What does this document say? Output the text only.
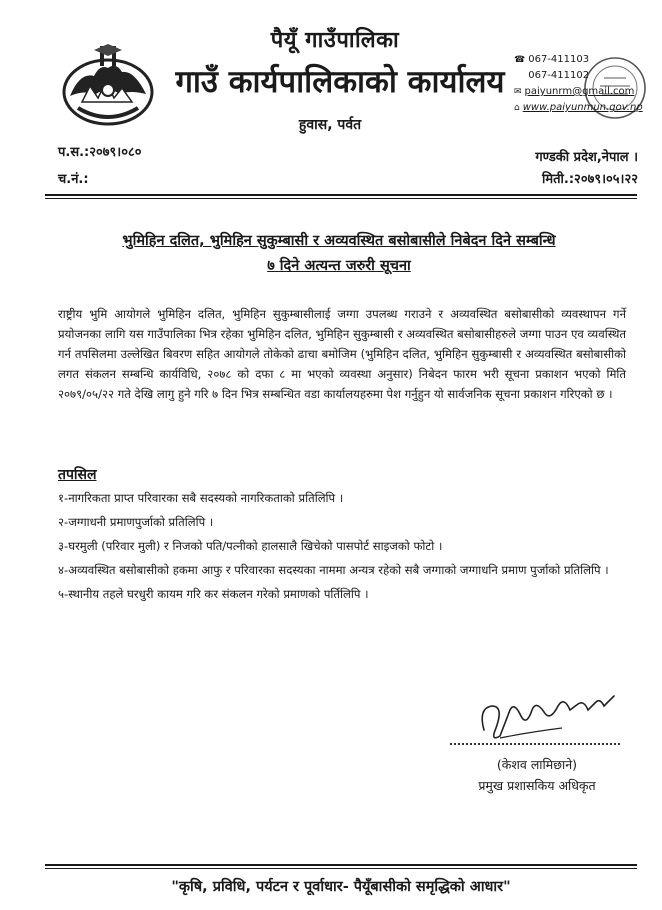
पैयूँ गाउँपालिका
गाउँ कार्यपालिकाको कार्यालय
हुवास, पर्वत
☎ 067-411103
067-411102
✉ paiyunrm@gmail.com
⌂ www.paiyunmun.gov.np
प.स.:२०७९।०८०
च.नं.:
गण्डकी प्रदेश,नेपाल ।
मिती.:२०७९।०५।२२
भुमिहिन दलित, भुमिहिन सुकुम्बासी र अव्यवस्थित बसोबासीले निबेदन दिने सम्बन्धि
७ दिने अत्यन्त जरुरी सूचना
राष्ट्रीय भुमि आयोगले भुमिहिन दलित, भुमिहिन सुकुम्बासीलाई जग्गा उपलब्ध गराउने र अव्यवस्थित बसोबासीको व्यवस्थापन गर्ने प्रयोजनका लागि यस गाउँपालिका भित्र रहेका भुमिहिन दलित, भुमिहिन सुकुम्बासी र अव्यवस्थित बसोबासीहरुले जग्गा पाउन एव व्यवस्थित गर्न तपसिलमा उल्लेखित बिवरण सहित आयोगले तोकेको ढाचा बमोजिम (भुमिहिन दलित, भुमिहिन सुकुम्बासी र अव्यवस्थित बसोबासीको लगत संकलन सम्बन्धि कार्यविधि, २०७८ को दफा ८ मा भएको व्यवस्था अनुसार) निबेदन फारम भरी सूचना प्रकाशन भएको मिति २०७९/०५/२२ गते देखि लागु हुने गरि ७ दिन भित्र सम्बन्धित वडा कार्यालयहरुमा पेश गर्नुहुन यो सार्वजनिक सूचना प्रकाशन गरिएको छ ।
तपसिल
१-नागरिकता प्राप्त परिवारका सबै सदस्यको नागरिकताको प्रतिलिपि ।
२-जग्गाधनी प्रमाणपुर्जाको प्रतिलिपि ।
३-घरमुली (परिवार मुली) र निजको पति/पत्नीको हालसालै खिचेको पासपोर्ट साइजको फोटो ।
४-अव्यवस्थित बसोबासीको हकमा आफु र परिवारका सदस्यका नाममा अन्यत्र रहेको सबै जग्गाको जग्गाधनि प्रमाण पुर्जाको प्रतिलिपि ।
५-स्थानीय तहले घरधुरी कायम गरि कर संकलन गरेको प्रमाणको पर्तिलिपि ।
(केशव लामिछाने)
प्रमुख प्रशासकिय अधिकृत
"कृषि, प्रविधि, पर्यटन र पूर्वाधार- पैयूँबासीको समृद्धिको आधार"
